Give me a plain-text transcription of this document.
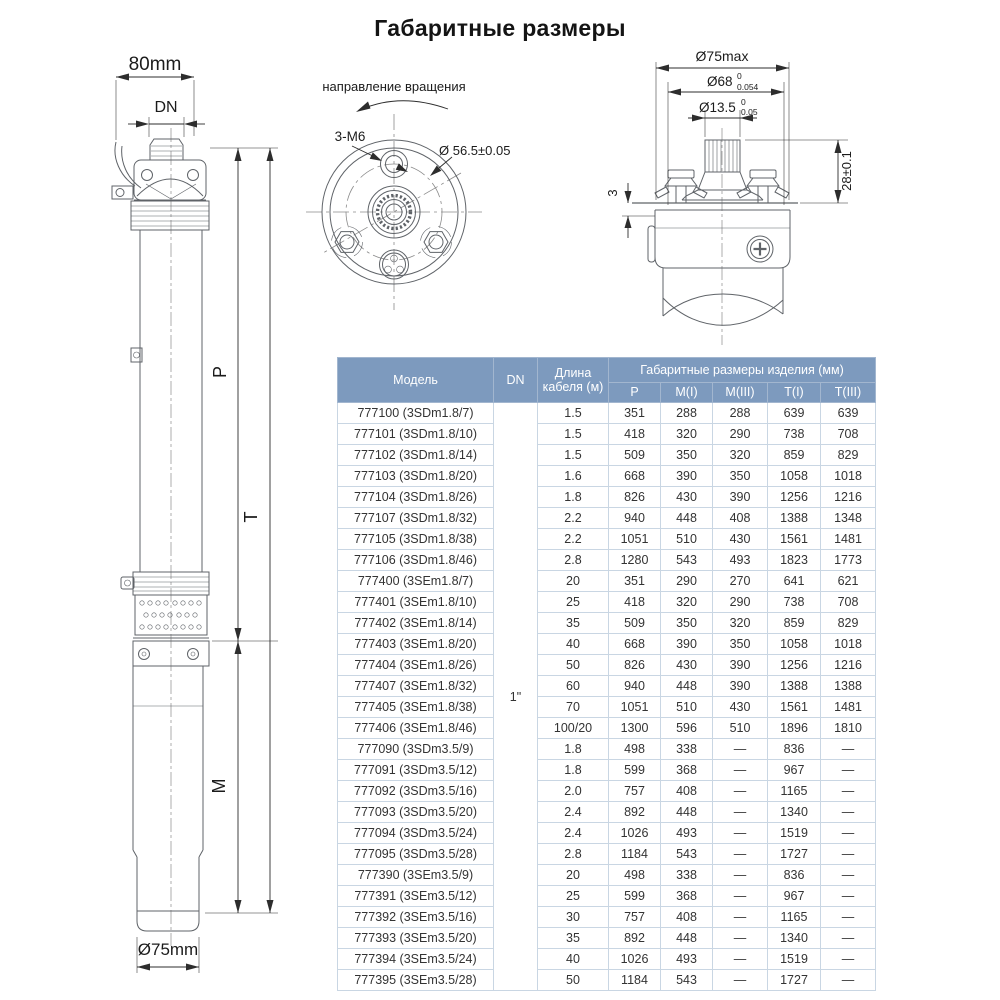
Габаритные размеры
80mm
DN
P
T
M
Ø75mm
направление вращения
3-M6
Ø 56.5±0.05
Ø75max
Ø68 0
0.054
Ø13.5 0
0.05
28±0.1
3
Модель	DN	Длина кабеля (м)	Габаритные размеры изделия (мм)				
			P	M(I)	M(III)	T(I)	T(III)
777100 (3SDm1.8/7)	1"	1.5	351	288	288	639	639
777101 (3SDm1.8/10)		1.5	418	320	290	738	708
777102 (3SDm1.8/14)		1.5	509	350	320	859	829
777103 (3SDm1.8/20)		1.6	668	390	350	1058	1018
777104 (3SDm1.8/26)		1.8	826	430	390	1256	1216
777107 (3SDm1.8/32)		2.2	940	448	408	1388	1348
777105 (3SDm1.8/38)		2.2	1051	510	430	1561	1481
777106 (3SDm1.8/46)		2.8	1280	543	493	1823	1773
777400 (3SEm1.8/7)		20	351	290	270	641	621
777401 (3SEm1.8/10)		25	418	320	290	738	708
777402 (3SEm1.8/14)		35	509	350	320	859	829
777403 (3SEm1.8/20)		40	668	390	350	1058	1018
777404 (3SEm1.8/26)		50	826	430	390	1256	1216
777407 (3SEm1.8/32)		60	940	448	390	1388	1388
777405 (3SEm1.8/38)		70	1051	510	430	1561	1481
777406 (3SEm1.8/46)		100/20	1300	596	510	1896	1810
777090 (3SDm3.5/9)		1.8	498	338	—	836	—
777091 (3SDm3.5/12)		1.8	599	368	—	967	—
777092 (3SDm3.5/16)		2.0	757	408	—	1165	—
777093 (3SDm3.5/20)		2.4	892	448	—	1340	—
777094 (3SDm3.5/24)		2.4	1026	493	—	1519	—
777095 (3SDm3.5/28)		2.8	1184	543	—	1727	—
777390 (3SEm3.5/9)		20	498	338	—	836	—
777391 (3SEm3.5/12)		25	599	368	—	967	—
777392 (3SEm3.5/16)		30	757	408	—	1165	—
777393 (3SEm3.5/20)		35	892	448	—	1340	—
777394 (3SEm3.5/24)		40	1026	493	—	1519	—
777395 (3SEm3.5/28)		50	1184	543	—	1727	—
